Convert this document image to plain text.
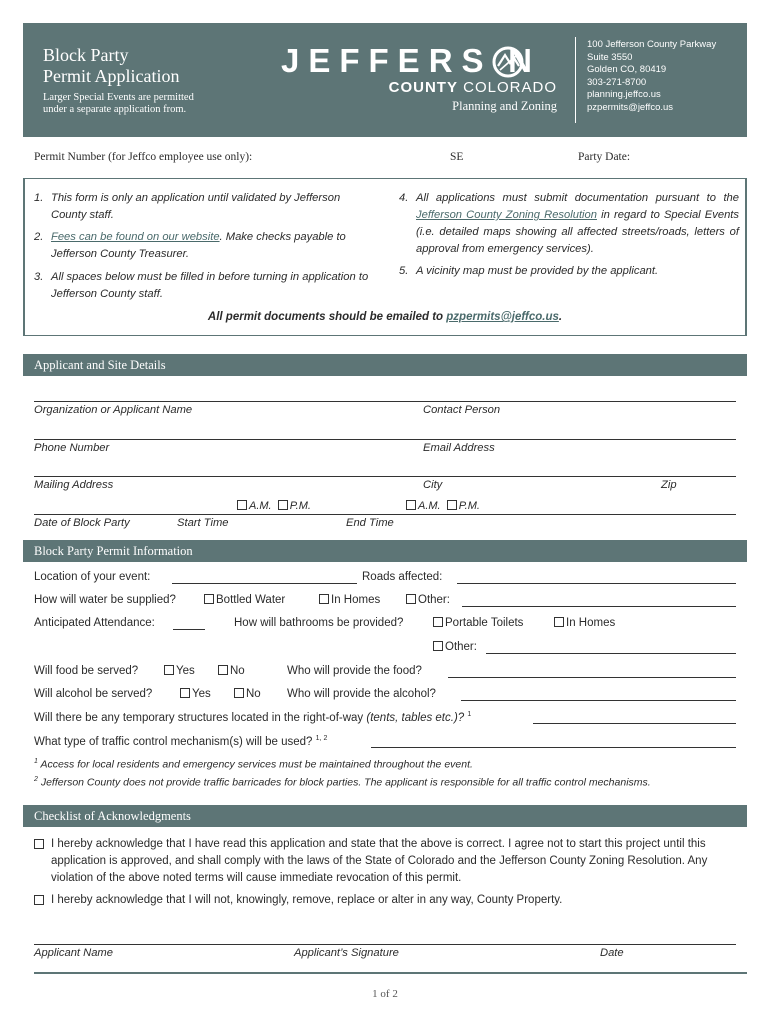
Block Party
Permit Application
Larger Special Events are permitted
under a separate application from.
JEFFERS N
COUNTY COLORADO
Planning and Zoning
100 Jefferson County Parkway
Suite 3550
Golden CO, 80419
303-271-8700
planning.jeffco.us
pzpermits@jeffco.us
Permit Number (for Jeffco employee use only):	SE	Party Date:
1. This form is only an application until validated by Jefferson County staff.
2. Fees can be found on our website. Make checks payable to Jefferson County Treasurer.
3. All spaces below must be filled in before turning in application to Jefferson County staff.
4. All applications must submit documentation pursuant to the Jefferson County Zoning Resolution in regard to Special Events (i.e. detailed maps showing all affected streets/roads, letters of approval from emergency services).
5. A vicinity map must be provided by the applicant.
All permit documents should be emailed to pzpermits@jeffco.us.
Applicant and Site Details
Organization or Applicant Name	Contact Person
Phone Number	Email Address
Mailing Address	City	Zip
A.M. P.M.	A.M. P.M.
Date of Block Party	Start Time	End Time
Block Party Permit Information
Location of your event:	Roads affected:
How will water be supplied?	Bottled Water	In Homes	Other:
Anticipated Attendance:	How will bathrooms be provided?	Portable Toilets	In Homes
Other:
Will food be served?	Yes	No	Who will provide the food?
Will alcohol be served?	Yes	No Who will provide the alcohol?
Will there be any temporary structures located in the right-of-way (tents, tables etc.)? $^1$
What type of traffic control mechanism(s) will be used? $^{1, 2}$
$^1$ Access for local residents and emergency services must be maintained throughout the event.
$^2$ Jefferson County does not provide traffic barricades for block parties. The applicant is responsible for all traffic control mechanisms.
Checklist of Acknowledgments
I hereby acknowledge that I have read this application and state that the above is correct. I agree not to start this project until this application is approved, and shall comply with the laws of the State of Colorado and the Jefferson County Zoning Resolution. Any violation of the above noted terms will cause immediate revocation of this permit.
I hereby acknowledge that I will not, knowingly, remove, replace or alter in any way, County Property.
Applicant Name	Applicant’s Signature	Date
1 of 2
